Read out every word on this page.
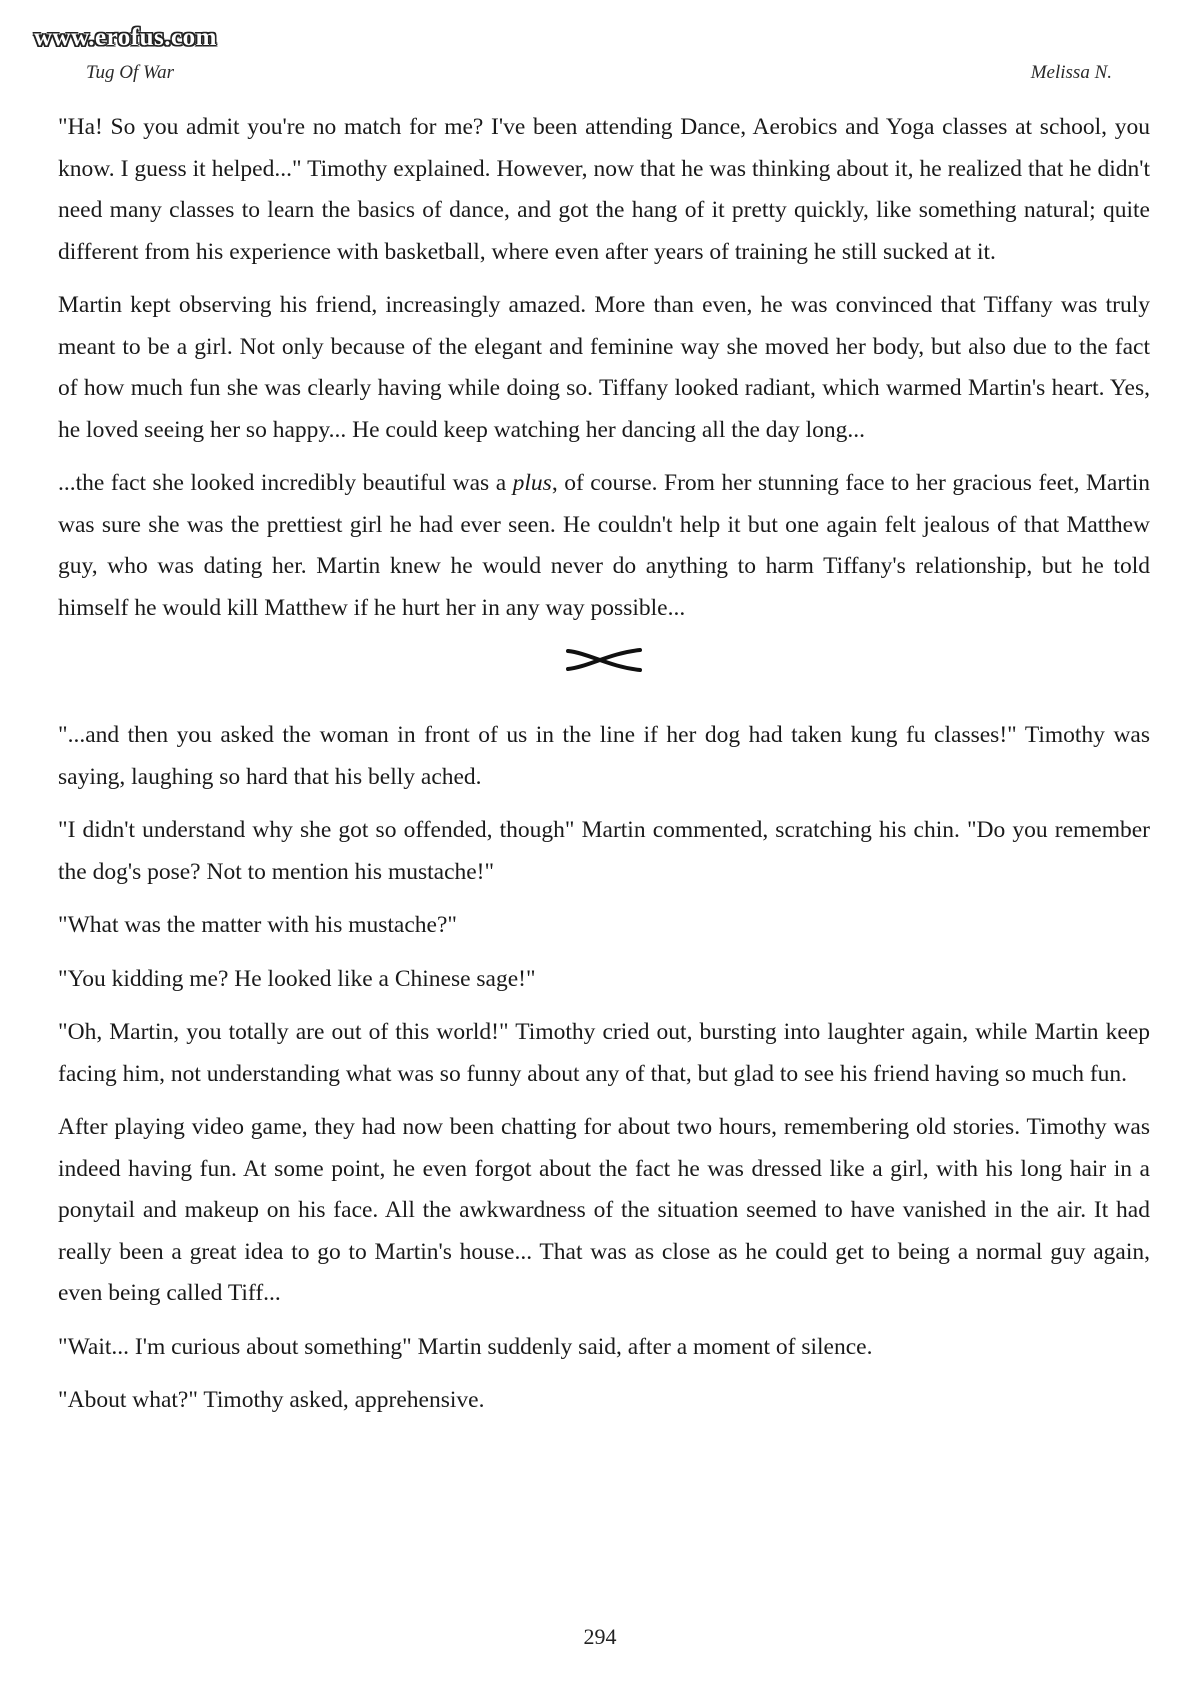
www.erofus.com
Tug Of War	Melissa N.

"Ha! So you admit you're no match for me? I've been attending Dance, Aerobics and Yoga classes at school, you know. I guess it helped..." Timothy explained. However, now that he was thinking about it, he realized that he didn't need many classes to learn the basics of dance, and got the hang of it pretty quickly, like something natural; quite different from his experience with basketball, where even after years of training he still sucked at it.

Martin kept observing his friend, increasingly amazed. More than even, he was convinced that Tiffany was truly meant to be a girl. Not only because of the elegant and feminine way she moved her body, but also due to the fact of how much fun she was clearly having while doing so. Tiffany looked radiant, which warmed Martin's heart. Yes, he loved seeing her so happy... He could keep watching her dancing all the day long...

...the fact she looked incredibly beautiful was a plus, of course. From her stunning face to her gracious feet, Martin was sure she was the prettiest girl he had ever seen. He couldn't help it but one again felt jealous of that Matthew guy, who was dating her. Martin knew he would never do anything to harm Tiffany's relationship, but he told himself he would kill Matthew if he hurt her in any way possible...

"...and then you asked the woman in front of us in the line if her dog had taken kung fu classes!" Timothy was saying, laughing so hard that his belly ached.

"I didn't understand why she got so offended, though" Martin commented, scratching his chin. "Do you remember the dog's pose? Not to mention his mustache!"

"What was the matter with his mustache?"

"You kidding me? He looked like a Chinese sage!"

"Oh, Martin, you totally are out of this world!" Timothy cried out, bursting into laughter again, while Martin keep facing him, not understanding what was so funny about any of that, but glad to see his friend having so much fun.

After playing video game, they had now been chatting for about two hours, remembering old stories. Timothy was indeed having fun. At some point, he even forgot about the fact he was dressed like a girl, with his long hair in a ponytail and makeup on his face. All the awkwardness of the situation seemed to have vanished in the air. It had really been a great idea to go to Martin's house... That was as close as he could get to being a normal guy again, even being called Tiff...

"Wait... I'm curious about something" Martin suddenly said, after a moment of silence.

"About what?" Timothy asked, apprehensive.

294
